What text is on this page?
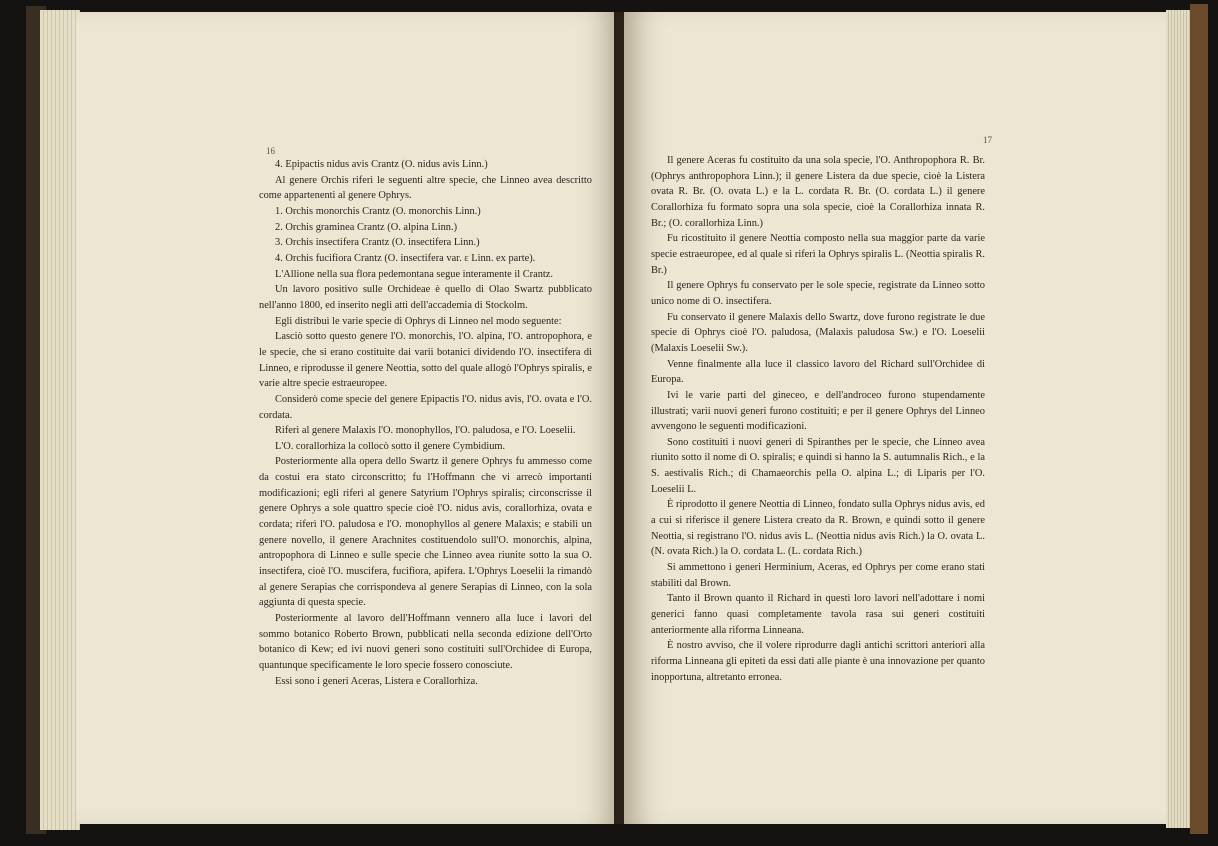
16
17

4. Epipactis nidus avis Crantz (O. nidus avis Linn.)

Al genere Orchis riferì le seguenti altre specie, che Linneo avea descritto come appartenenti al genere Ophrys.

1. Orchis monorchis Crantz (O. monorchis Linn.)

2. Orchis graminea Crantz (O. alpina Linn.)

3. Orchis insectifera Crantz (O. insectifera Linn.)

4. Orchis fucifiora Crantz (O. insectifera var. ε Linn. ex parte).

L'Allione nella sua flora pedemontana segue interamente il Crantz.

Un lavoro positivo sulle Orchideae è quello di Olao Swartz pubblicato nell'anno 1800, ed inserito negli atti dell'accademia di Stockolm.

Egli distribuì le varie specie di Ophrys di Linneo nel modo seguente:

Lasciò sotto questo genere l'O. monorchis, l'O. alpina, l'O. antropophora, e le specie, che si erano costituite dai varii botanici dividendo l'O. insectifera di Linneo, e riprodusse il genere Neottia, sotto del quale allogò l'Ophrys spiralis, e varie altre specie estraeuropee.

Considerò come specie del genere Epipactis l'O. nidus avis, l'O. ovata e l'O. cordata.

Riferì al genere Malaxis l'O. monophyllos, l'O. paludosa, e l'O. Loeselii.

L'O. corallorhiza la collocò sotto il genere Cymbidium.

Posteriormente alla opera dello Swartz il genere Ophrys fu ammesso come da costui era stato circonscritto; fu l'Hoffmann che vi arrecò importanti modificazioni; egli riferì al genere Satyrium l'Ophrys spiralis; circonscrisse il genere Ophrys a sole quattro specie cioè l'O. nidus avis, corallorhiza, ovata e cordata; riferì l'O. paludosa e l'O. monophyllos al genere Malaxis; e stabilì un genere novello, il genere Arachnites costituendolo sull'O. monorchis, alpina, antropophora di Linneo e sulle specie che Linneo avea riunite sotto la sua O. insectifera, cioè l'O. muscifera, fucifiora, apifera. L'Ophrys Loeselii la rimandò al genere Serapias che corrispondeva al genere Serapias di Linneo, con la sola aggiunta di questa specie.

Posteriormente al lavoro dell'Hoffmann vennero alla luce i lavori del sommo botanico Roberto Brown, pubblicati nella seconda edizione dell'Orto botanico di Kew; ed ivi nuovi generi sono costituiti sull'Orchidee di Europa, quantunque specificamente le loro specie fossero conosciute.

Essi sono i generi Aceras, Listera e Corallorhiza.

Il genere Aceras fu costituito da una sola specie, l'O. Anthropophora R. Br. (Ophrys anthropophora Linn.); il genere Listera da due specie, cioè la Listera ovata R. Br. (O. ovata L.) e la L. cordata R. Br. (O. cordata L.) il genere Corallorhiza fu formato sopra una sola specie, cioè la Corallorhiza innata R. Br.; (O. corallorhiza Linn.)

Fu ricostituito il genere Neottia composto nella sua maggior parte da varie specie estraeuropee, ed al quale si riferì la Ophrys spiralis L. (Neottia spiralis R. Br.)

Il genere Ophrys fu conservato per le sole specie, registrate da Linneo sotto unico nome di O. insectifera.

Fu conservato il genere Malaxis dello Swartz, dove furono registrate le due specie di Ophrys cioè l'O. paludosa, (Malaxis paludosa Sw.) e l'O. Loeselii (Malaxis Loeselii Sw.).

Venne finalmente alla luce il classico lavoro del Richard sull'Orchidee di Europa.

Ivi le varie parti del gineceo, e dell'androceo furono stupendamente illustrati; varii nuovi generi furono costituiti; e per il genere Ophrys del Linneo avvengono le seguenti modificazioni.

Sono costituiti i nuovi generi di Spiranthes per le specie, che Linneo avea riunito sotto il nome di O. spiralis; e quindi si hanno la S. autumnalis Rich., e la S. aestivalis Rich.; di Chamaeorchis pella O. alpina L.; di Liparis per l'O. Loeselii L.

È riprodotto il genere Neottia di Linneo, fondato sulla Ophrys nidus avis, ed a cui si riferisce il genere Listera creato da R. Brown, e quindi sotto il genere Neottia, si registrano l'O. nidus avis L. (Neottia nidus avis Rich.) la O. ovata L. (N. ovata Rich.) la O. cordata L. (L. cordata Rich.)

Si ammettono i generi Herminium, Aceras, ed Ophrys per come erano stati stabiliti dal Brown.

Tanto il Brown quanto il Richard in questi loro lavori nell'adottare i nomi generici fanno quasi completamente tavola rasa sui generi costituiti anteriormente alla riforma Linneana.

È nostro avviso, che il volere riprodurre dagli antichi scrittori anteriori alla riforma Linneana gli epiteti da essi dati alle piante è una innovazione per quanto inopportuna, altretanto erronea.
